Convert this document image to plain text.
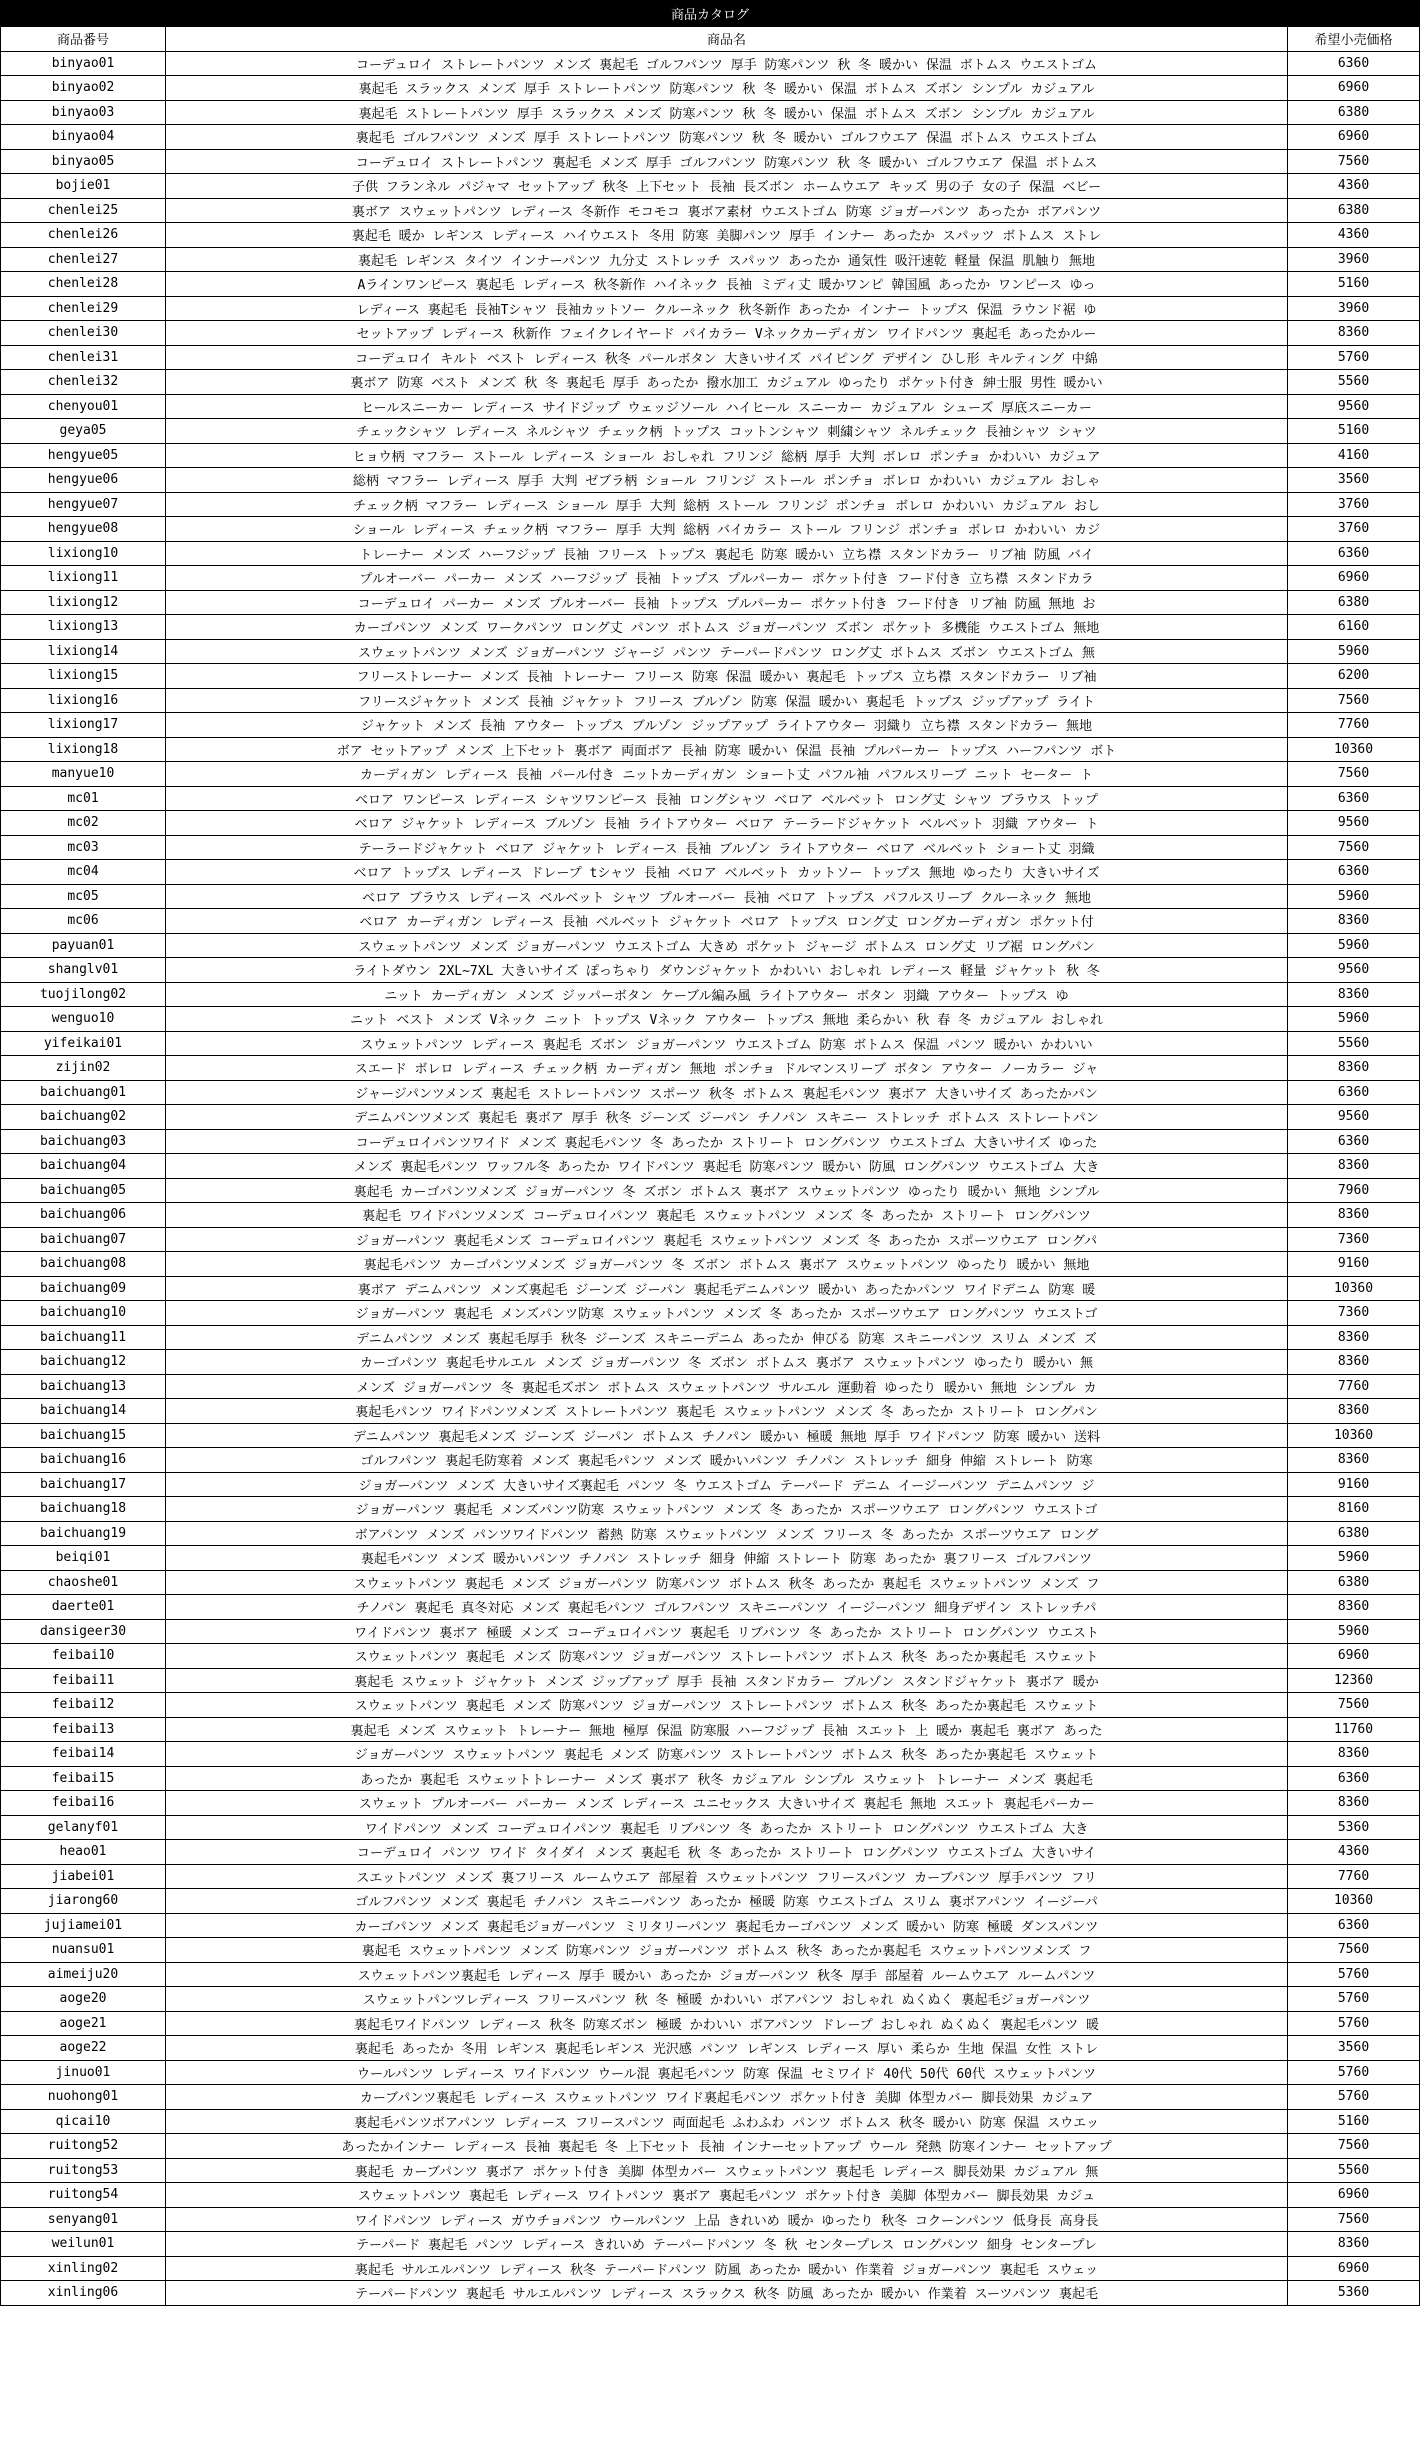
商品カタログ		
商品番号	商品名	希望小売価格
binyao01	コーデュロイ ストレートパンツ メンズ 裏起毛 ゴルフパンツ 厚手 防寒パンツ 秋 冬 暖かい 保温 ボトムス ウエストゴム	6360
binyao02	裏起毛 スラックス メンズ 厚手 ストレートパンツ 防寒パンツ 秋 冬 暖かい 保温 ボトムス ズボン シンプル カジュアル	6960
binyao03	裏起毛 ストレートパンツ 厚手 スラックス メンズ 防寒パンツ 秋 冬 暖かい 保温 ボトムス ズボン シンプル カジュアル	6380
binyao04	裏起毛 ゴルフパンツ メンズ 厚手 ストレートパンツ 防寒パンツ 秋 冬 暖かい ゴルフウエア 保温 ボトムス ウエストゴム	6960
binyao05	コーデュロイ ストレートパンツ 裏起毛 メンズ 厚手 ゴルフパンツ 防寒パンツ 秋 冬 暖かい ゴルフウエア 保温 ボトムス	7560
bojie01	子供 フランネル パジャマ セットアップ 秋冬 上下セット 長袖 長ズボン ホームウエア キッズ 男の子 女の子 保温 ベビー	4360
chenlei25	裏ボア スウェットパンツ レディース 冬新作 モコモコ 裏ボア素材 ウエストゴム 防寒 ジョガーパンツ あったか ボアパンツ	6380
chenlei26	裏起毛 暖か レギンス レディース ハイウエスト 冬用 防寒 美脚パンツ 厚手 インナー あったか スパッツ ボトムス ストレ	4360
chenlei27	裏起毛 レギンス タイツ インナーパンツ 九分丈 ストレッチ スパッツ あったか 通気性 吸汗速乾 軽量 保温 肌触り 無地	3960
chenlei28	Aラインワンピース 裏起毛 レディース 秋冬新作 ハイネック 長袖 ミディ丈 暖かワンピ 韓国風 あったか ワンピース ゆっ	5160
chenlei29	レディース 裏起毛 長袖Tシャツ 長袖カットソー クルーネック 秋冬新作 あったか インナー トップス 保温 ラウンド裾 ゆ	3960
chenlei30	セットアップ レディース 秋新作 フェイクレイヤード パイカラー Vネックカーディガン ワイドパンツ 裏起毛 あったかルー	8360
chenlei31	コーデュロイ キルト ベスト レディース 秋冬 パールボタン 大きいサイズ パイピング デザイン ひし形 キルティング 中綿	5760
chenlei32	裏ボア 防寒 ベスト メンズ 秋 冬 裏起毛 厚手 あったか 撥水加工 カジュアル ゆったり ポケット付き 紳士服 男性 暖かい	5560
chenyou01	ヒールスニーカー レディース サイドジップ ウェッジソール ハイヒール スニーカー カジュアル シューズ 厚底スニーカー	9560
geya05	チェックシャツ レディース ネルシャツ チェック柄 トップス コットンシャツ 刺繍シャツ ネルチェック 長袖シャツ シャツ	5160
hengyue05	ヒョウ柄 マフラー ストール レディース ショール おしゃれ フリンジ 総柄 厚手 大判 ボレロ ポンチョ かわいい カジュア	4160
hengyue06	総柄 マフラー レディース 厚手 大判 ゼブラ柄 ショール フリンジ ストール ポンチョ ボレロ かわいい カジュアル おしゃ	3560
hengyue07	チェック柄 マフラー レディース ショール 厚手 大判 総柄 ストール フリンジ ポンチョ ボレロ かわいい カジュアル おし	3760
hengyue08	ショール レディース チェック柄 マフラー 厚手 大判 総柄 バイカラー ストール フリンジ ポンチョ ボレロ かわいい カジ	3760
lixiong10	トレーナー メンズ ハーフジップ 長袖 フリース トップス 裏起毛 防寒 暖かい 立ち襟 スタンドカラー リブ袖 防風 バイ	6360
lixiong11	プルオーバー パーカー メンズ ハーフジップ 長袖 トップス プルパーカー ポケット付き フード付き 立ち襟 スタンドカラ	6960
lixiong12	コーデュロイ パーカー メンズ プルオーバー 長袖 トップス プルパーカー ポケット付き フード付き リブ袖 防風 無地 お	6380
lixiong13	カーゴパンツ メンズ ワークパンツ ロング丈 パンツ ボトムス ジョガーパンツ ズボン ポケット 多機能 ウエストゴム 無地	6160
lixiong14	スウェットパンツ メンズ ジョガーパンツ ジャージ パンツ テーパードパンツ ロング丈 ボトムス ズボン ウエストゴム 無	5960
lixiong15	フリーストレーナー メンズ 長袖 トレーナー フリース 防寒 保温 暖かい 裏起毛 トップス 立ち襟 スタンドカラー リブ袖	6200
lixiong16	フリースジャケット メンズ 長袖 ジャケット フリース ブルゾン 防寒 保温 暖かい 裏起毛 トップス ジップアップ ライト	7560
lixiong17	ジャケット メンズ 長袖 アウター トップス ブルゾン ジップアップ ライトアウター 羽織り 立ち襟 スタンドカラー 無地	7760
lixiong18	ボア セットアップ メンズ 上下セット 裏ボア 両面ボア 長袖 防寒 暖かい 保温 長袖 プルパーカー トップス ハーフパンツ ボト	10360
manyue10	カーディガン レディース 長袖 パール付き ニットカーディガン ショート丈 パフル袖 パフルスリーブ ニット セーター ト	7560
mc01	ベロア ワンピース レディース シャツワンピース 長袖 ロングシャツ ベロア ベルベット ロング丈 シャツ ブラウス トップ	6360
mc02	ベロア ジャケット レディース ブルゾン 長袖 ライトアウター ベロア テーラードジャケット ベルベット 羽織 アウター ト	9560
mc03	テーラードジャケット ベロア ジャケット レディース 長袖 ブルゾン ライトアウター ベロア ベルベット ショート丈 羽織	7560
mc04	ベロア トップス レディース ドレープ tシャツ 長袖 ベロア ベルベット カットソー トップス 無地 ゆったり 大きいサイズ	6360
mc05	ベロア ブラウス レディース ベルベット シャツ プルオーバー 長袖 ベロア トップス パフルスリーブ クルーネック 無地	5960
mc06	ベロア カーディガン レディース 長袖 ベルベット ジャケット ベロア トップス ロング丈 ロングカーディガン ポケット付	8360
payuan01	スウェットパンツ メンズ ジョガーパンツ ウエストゴム 大きめ ポケット ジャージ ボトムス ロング丈 リブ裾 ロングパン	5960
shanglv01	ライトダウン 2XL~7XL 大きいサイズ ぽっちゃり ダウンジャケット かわいい おしゃれ レディース 軽量 ジャケット 秋 冬	9560
tuojilong02	ニット カーディガン メンズ ジッパーボタン ケーブル編み風 ライトアウター ボタン 羽織 アウター トップス ゆ	8360
wenguo10	ニット ベスト メンズ Vネック ニット トップス Vネック アウター トップス 無地 柔らかい 秋 春 冬 カジュアル おしゃれ	5960
yifeikai01	スウェットパンツ レディース 裏起毛 ズボン ジョガーパンツ ウエストゴム 防寒 ボトムス 保温 パンツ 暖かい かわいい	5560
zijin02	スエード ボレロ レディース チェック柄 カーディガン 無地 ポンチョ ドルマンスリーブ ボタン アウター ノーカラー ジャ	8360
baichuang01	ジャージパンツメンズ 裏起毛 ストレートパンツ スポーツ 秋冬 ボトムス 裏起毛パンツ 裏ボア 大きいサイズ あったかパン	6360
baichuang02	デニムパンツメンズ 裏起毛 裏ボア 厚手 秋冬 ジーンズ ジーパン チノパン スキニー ストレッチ ボトムス ストレートパン	9560
baichuang03	コーデュロイパンツワイド メンズ 裏起毛パンツ 冬 あったか ストリート ロングパンツ ウエストゴム 大きいサイズ ゆった	6360
baichuang04	メンズ 裏起毛パンツ ワッフル冬 あったか ワイドパンツ 裏起毛 防寒パンツ 暖かい 防風 ロングパンツ ウエストゴム 大き	8360
baichuang05	裏起毛 カーゴパンツメンズ ジョガーパンツ 冬 ズボン ボトムス 裏ボア スウェットパンツ ゆったり 暖かい 無地 シンプル	7960
baichuang06	裏起毛 ワイドパンツメンズ コーデュロイパンツ 裏起毛 スウェットパンツ メンズ 冬 あったか ストリート ロングパンツ	8360
baichuang07	ジョガーパンツ 裏起毛メンズ コーデュロイパンツ 裏起毛 スウェットパンツ メンズ 冬 あったか スポーツウエア ロングパ	7360
baichuang08	裏起毛パンツ カーゴパンツメンズ ジョガーパンツ 冬 ズボン ボトムス 裏ボア スウェットパンツ ゆったり 暖かい 無地	9160
baichuang09	裏ボア デニムパンツ メンズ裏起毛 ジーンズ ジーパン 裏起毛デニムパンツ 暖かい あったかパンツ ワイドデニム 防寒 暖	10360
baichuang10	ジョガーパンツ 裏起毛 メンズパンツ防寒 スウェットパンツ メンズ 冬 あったか スポーツウエア ロングパンツ ウエストゴ	7360
baichuang11	デニムパンツ メンズ 裏起毛厚手 秋冬 ジーンズ スキニーデニム あったか 伸びる 防寒 スキニーパンツ スリム メンズ ズ	8360
baichuang12	カーゴパンツ 裏起毛サルエル メンズ ジョガーパンツ 冬 ズボン ボトムス 裏ボア スウェットパンツ ゆったり 暖かい 無	8360
baichuang13	メンズ ジョガーパンツ 冬 裏起毛ズボン ボトムス スウェットパンツ サルエル 運動着 ゆったり 暖かい 無地 シンプル カ	7760
baichuang14	裏起毛パンツ ワイドパンツメンズ ストレートパンツ 裏起毛 スウェットパンツ メンズ 冬 あったか ストリート ロングパン	8360
baichuang15	デニムパンツ 裏起毛メンズ ジーンズ ジーパン ボトムス チノパン 暖かい 極暖 無地 厚手 ワイドパンツ 防寒 暖かい 送料	10360
baichuang16	ゴルフパンツ 裏起毛防寒着 メンズ 裏起毛パンツ メンズ 暖かいパンツ チノパン ストレッチ 細身 伸縮 ストレート 防寒	8360
baichuang17	ジョガーパンツ メンズ 大きいサイズ裏起毛 パンツ 冬 ウエストゴム テーパード デニム イージーパンツ デニムパンツ ジ	9160
baichuang18	ジョガーパンツ 裏起毛 メンズパンツ防寒 スウェットパンツ メンズ 冬 あったか スポーツウエア ロングパンツ ウエストゴ	8160
baichuang19	ボアパンツ メンズ パンツワイドパンツ 蓄熱 防寒 スウェットパンツ メンズ フリース 冬 あったか スポーツウエア ロング	6380
beiqi01	裏起毛パンツ メンズ 暖かいパンツ チノパン ストレッチ 細身 伸縮 ストレート 防寒 あったか 裏フリース ゴルフパンツ	5960
chaoshe01	スウェットパンツ 裏起毛 メンズ ジョガーパンツ 防寒パンツ ボトムス 秋冬 あったか 裏起毛 スウェットパンツ メンズ フ	6380
daerte01	チノパン 裏起毛 真冬対応 メンズ 裏起毛パンツ ゴルフパンツ スキニーパンツ イージーパンツ 細身デザイン ストレッチパ	8360
dansigeer30	ワイドパンツ 裏ボア 極暖 メンズ コーデュロイパンツ 裏起毛 リブパンツ 冬 あったか ストリート ロングパンツ ウエスト	5960
feibai10	スウェットパンツ 裏起毛 メンズ 防寒パンツ ジョガーパンツ ストレートパンツ ボトムス 秋冬 あったか裏起毛 スウェット	6960
feibai11	裏起毛 スウェット ジャケット メンズ ジップアップ 厚手 長袖 スタンドカラー ブルゾン スタンドジャケット 裏ボア 暖か	12360
feibai12	スウェットパンツ 裏起毛 メンズ 防寒パンツ ジョガーパンツ ストレートパンツ ボトムス 秋冬 あったか裏起毛 スウェット	7560
feibai13	裏起毛 メンズ スウェット トレーナー 無地 極厚 保温 防寒服 ハーフジップ 長袖 スエット 上 暖か 裏起毛 裏ボア あった	11760
feibai14	ジョガーパンツ スウェットパンツ 裏起毛 メンズ 防寒パンツ ストレートパンツ ボトムス 秋冬 あったか裏起毛 スウェット	8360
feibai15	あったか 裏起毛 スウェットトレーナー メンズ 裏ボア 秋冬 カジュアル シンプル スウェット トレーナー メンズ 裏起毛	6360
feibai16	スウェット プルオーバー パーカー メンズ レディース ユニセックス 大きいサイズ 裏起毛 無地 スエット 裏起毛パーカー	8360
gelanyf01	ワイドパンツ メンズ コーデュロイパンツ 裏起毛 リブパンツ 冬 あったか ストリート ロングパンツ ウエストゴム 大き	5360
heao01	コーデュロイ パンツ ワイド タイダイ メンズ 裏起毛 秋 冬 あったか ストリート ロングパンツ ウエストゴム 大きいサイ	4360
jiabei01	スエットパンツ メンズ 裏フリース ルームウエア 部屋着 スウェットパンツ フリースパンツ カーブパンツ 厚手パンツ フリ	7760
jiarong60	ゴルフパンツ メンズ 裏起毛 チノパン スキニーパンツ あったか 極暖 防寒 ウエストゴム スリム 裏ボアパンツ イージーパ	10360
jujiamei01	カーゴパンツ メンズ 裏起毛ジョガーパンツ ミリタリーパンツ 裏起毛カーゴパンツ メンズ 暖かい 防寒 極暖 ダンスパンツ	6360
nuansu01	裏起毛 スウェットパンツ メンズ 防寒パンツ ジョガーパンツ ボトムス 秋冬 あったか裏起毛 スウェットパンツメンズ フ	7560
aimeiju20	スウェットパンツ裏起毛 レディース 厚手 暖かい あったか ジョガーパンツ 秋冬 厚手 部屋着 ルームウエア ルームパンツ	5760
aoge20	スウェットパンツレディース フリースパンツ 秋 冬 極暖 かわいい ボアパンツ おしゃれ ぬくぬく 裏起毛ジョガーパンツ	5760
aoge21	裏起毛ワイドパンツ レディース 秋冬 防寒ズボン 極暖 かわいい ボアパンツ ドレープ おしゃれ ぬくぬく 裏起毛パンツ 暖	5760
aoge22	裏起毛 あったか 冬用 レギンス 裏起毛レギンス 光沢感 パンツ レギンス レディース 厚い 柔らか 生地 保温 女性 ストレ	3560
jinuo01	ウールパンツ レディース ワイドパンツ ウール混 裏起毛パンツ 防寒 保温 セミワイド 40代 50代 60代 スウェットパンツ	5760
nuohong01	カーブパンツ裏起毛 レディース スウェットパンツ ワイド裏起毛パンツ ポケット付き 美脚 体型カバー 脚長効果 カジュア	5760
qicai10	裏起毛パンツボアパンツ レディース フリースパンツ 両面起毛 ふわふわ パンツ ボトムス 秋冬 暖かい 防寒 保温 スウエッ	5160
ruitong52	あったかインナー レディース 長袖 裏起毛 冬 上下セット 長袖 インナーセットアップ ウール 発熱 防寒インナー セットアップ	7560
ruitong53	裏起毛 カーブパンツ 裏ボア ポケット付き 美脚 体型カバー スウェットパンツ 裏起毛 レディース 脚長効果 カジュアル 無	5560
ruitong54	スウェットパンツ 裏起毛 レディース ワイトパンツ 裏ボア 裏起毛パンツ ポケット付き 美脚 体型カバー 脚長効果 カジュ	6960
senyang01	ワイドパンツ レディース ガウチョパンツ ウールパンツ 上品 きれいめ 暖か ゆったり 秋冬 コクーンパンツ 低身長 高身長	7560
weilun01	テーパード 裏起毛 パンツ レディース きれいめ テーパードパンツ 冬 秋 センタープレス ロングパンツ 細身 センタープレ	8360
xinling02	裏起毛 サルエルパンツ レディース 秋冬 テーパードパンツ 防風 あったか 暖かい 作業着 ジョガーパンツ 裏起毛 スウェッ	6960
xinling06	テーパードパンツ 裏起毛 サルエルパンツ レディース スラックス 秋冬 防風 あったか 暖かい 作業着 スーツパンツ 裏起毛	5360
